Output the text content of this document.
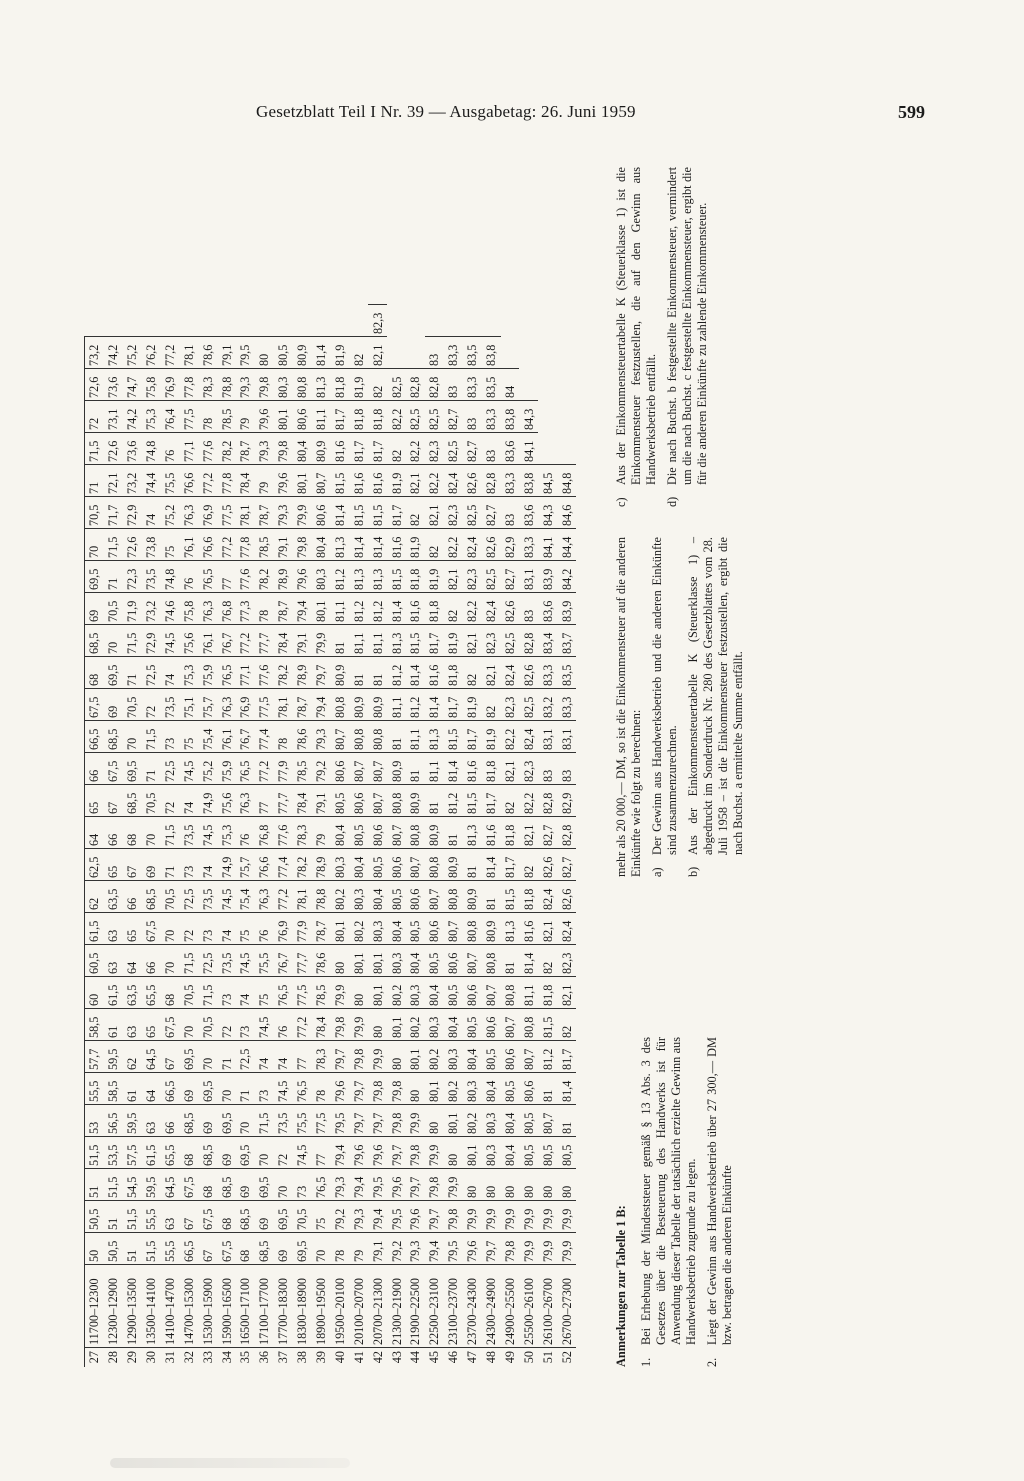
Gesetzblatt Teil I Nr. 39 — Ausgabetag: 26. Juni 1959	599
27	11700–12300	50	50,5	51	51,5	53	55,5	57,7	58,5	60	60,5	61,5	62	62,5	64	65	66	66,5	67,5	68	68,5	69	69,5	70	70,5	71	71,5	72	72,6	73,2	
28	12300–12900	50,5	51	51,5	53,5	56,5	58,5	59,5	61	61,5	63	63	63,5	65	66	67	67,5	68,5	69	69,5	70	70,5	71	71,5	71,7	72,1	72,6	73,1	73,6	74,2	
29	12900–13500	51	51,5	54,5	57,5	59,5	61	62	63	63,5	64	65	66	67	68	68,5	69,5	70	70,5	71	71,5	71,9	72,3	72,6	72,9	73,2	73,6	74,2	74,7	75,2	
30	13500–14100	51,5	55,5	59,5	61,5	63	64	64,5	65	65,5	66	67,5	68,5	69	70	70,5	71	71,5	72	72,5	72,9	73,2	73,5	73,8	74	74,4	74,8	75,3	75,8	76,2	
31	14100–14700	55,5	63	64,5	65,5	66	66,5	67	67,5	68	70	70	70,5	71	71,5	72	72,5	73	73,5	74	74,5	74,6	74,8	75	75,2	75,5	76	76,4	76,9	77,2	
32	14700–15300	66,5	67	67,5	68	68,5	69	69,5	70	70,5	71,5	72	72,5	73	73,5	74	74,5	75	75,1	75,3	75,6	75,8	76	76,1	76,3	76,6	77,1	77,5	77,8	78,1	
33	15300–15900	67	67,5	68	68,5	69	69,5	70	70,5	71,5	72,5	73	73,5	74	74,5	74,9	75,2	75,4	75,7	75,9	76,1	76,3	76,5	76,6	76,9	77,2	77,6	78	78,3	78,6	
34	15900–16500	67,5	68	68,5	69	69,5	70	71	72	73	73,5	74	74,5	74,9	75,3	75,6	75,9	76,1	76,3	76,5	76,7	76,8	77	77,2	77,5	77,8	78,2	78,5	78,8	79,1	
35	16500–17100	68	68,5	69	69,5	70	71	72,5	73	74	74,5	75	75,4	75,7	76	76,3	76,5	76,7	76,9	77,1	77,2	77,3	77,6	77,8	78,1	78,4	78,7	79	79,3	79,5	
36	17100–17700	68,5	69	69,5	70	71,5	73	74	74,5	75	75,5	76	76,3	76,6	76,8	77	77,2	77,4	77,5	77,6	77,7	78	78,2	78,5	78,7	79	79,3	79,6	79,8	80	
37	17700–18300	69	69,5	70	72	73,5	74,5	74	76	76,5	76,7	76,9	77,2	77,4	77,6	77,7	77,9	78	78,1	78,2	78,4	78,7	78,9	79,1	79,3	79,6	79,8	80,1	80,3	80,5	
38	18300–18900	69,5	70,5	73	74,5	75,5	76,5	77	77,2	77,5	77,7	77,9	78,1	78,2	78,3	78,4	78,5	78,6	78,7	78,9	79,1	79,4	79,6	79,8	79,9	80,1	80,4	80,6	80,8	80,9	
39	18900–19500	70	75	76,5	77	77,5	78	78,3	78,4	78,5	78,6	78,7	78,8	78,9	79	79,1	79,2	79,3	79,4	79,7	79,9	80,1	80,3	80,4	80,6	80,7	80,9	81,1	81,3	81,4	
40	19500–20100	78	79,2	79,3	79,4	79,5	79,6	79,7	79,8	79,9	80	80,1	80,2	80,3	80,4	80,5	80,6	80,7	80,8	80,9	81	81,1	81,2	81,3	81,4	81,5	81,6	81,7	81,8	81,9	
41	20100–20700	79	79,3	79,4	79,6	79,7	79,7	79,8	79,9	80	80,1	80,2	80,3	80,4	80,5	80,6	80,7	80,8	80,9	81	81,1	81,2	81,3	81,4	81,5	81,6	81,7	81,8	81,9	82	
42	20700–21300	79,1	79,4	79,5	79,6	79,7	79,8	79,9	80	80,1	80,1	80,3	80,4	80,5	80,6	80,7	80,7	80,8	80,9	81	81,1	81,2	81,3	81,4	81,5	81,6	81,7	81,8	82	82,1	82,3
43	21300–21900	79,2	79,5	79,6	79,7	79,8	79,8	80	80,1	80,2	80,3	80,4	80,5	80,6	80,7	80,8	80,9	81	81,1	81,2	81,3	81,4	81,5	81,6	81,7	81,9	82	82,2	82,5		
44	21900–22500	79,3	79,6	79,7	79,8	79,9	80	80,1	80,2	80,3	80,4	80,5	80,6	80,7	80,8	80,9	81	81,1	81,2	81,4	81,5	81,6	81,8	81,9	82	82,1	82,2	82,5	82,8		
45	22500–23100	79,4	79,7	79,8	79,9	80	80,1	80,2	80,3	80,4	80,5	80,6	80,7	80,8	80,9	81	81,1	81,3	81,4	81,6	81,7	81,8	81,9	82	82,1	82,2	82,3	82,5	82,8	83	
46	23100–23700	79,5	79,8	79,9	80	80,1	80,2	80,3	80,4	80,5	80,6	80,7	80,8	80,9	81	81,2	81,4	81,5	81,7	81,8	81,9	82	82,1	82,2	82,3	82,4	82,5	82,7	83	83,3	
47	23700–24300	79,6	79,9	80	80,1	80,2	80,3	80,4	80,5	80,6	80,7	80,8	80,9	81	81,3	81,5	81,6	81,7	81,9	82	82,1	82,2	82,3	82,4	82,5	82,6	82,7	83	83,3	83,5	
48	24300–24900	79,7	79,9	80	80,3	80,3	80,4	80,5	80,6	80,7	80,8	80,9	81	81,4	81,6	81,7	81,8	81,9	82	82,1	82,3	82,4	82,5	82,6	82,7	82,8	83	83,3	83,5	83,8	
49	24900–25500	79,8	79,9	80	80,4	80,4	80,5	80,6	80,7	80,8	81	81,3	81,5	81,7	81,8	82	82,1	82,2	82,3	82,4	82,5	82,6	82,7	82,9	83	83,3	83,6	83,8	84		
50	25500–26100	79,9	79,9	80	80,5	80,5	80,6	80,7	80,8	81,1	81,4	81,6	81,8	82	82,1	82,2	82,3	82,4	82,5	82,6	82,8	83	83,1	83,3	83,6	83,8	84,1	84,3			
51	26100–26700	79,9	79,9	80	80,5	80,7	81	81,2	81,5	81,8	82	82,1	82,4	82,6	82,7	82,8	83	83,1	83,2	83,3	83,4	83,6	83,9	84,1	84,3	84,5					
52	26700–27300	79,9	79,9	80	80,5	81	81,4	81,7	82	82,1	82,3	82,4	82,6	82,7	82,8	82,9	83	83,1	83,3	83,5	83,7	83,9	84,2	84,4	84,6	84,8					
Anmerkungen zur Tabelle 1 B: 1.
Bei Erhebung der Mindeststeuer gemäß § 13 Abs. 3 des Gesetzes über die Besteuerung des Handwerks ist für Anwendung dieser Tabelle der tatsächlich erzielte Gewinn aus Handwerksbetrieb zugrunde zu legen.
2.
Liegt der Gewinn aus Handwerksbetrieb über 27 300,— DM bzw. betragen die anderen Einkünfte
mehr als 20 000,— DM, so ist die Einkommensteuer auf die anderen Einkünfte wie folgt zu berechnen: a)
Der Gewinn aus Handwerksbetrieb und die anderen Einkünfte sind zusammenzurechnen.
b)
Aus der Einkommensteuertabelle K (Steuerklasse 1) – abgedruckt im Sonderdruck Nr. 280 des Gesetzblattes vom 28. Juli 1958 – ist die Einkommensteuer festzustellen, ergibt die nach Buchst. a ermittelte Summe entfällt.
c)
Aus der Einkommensteuertabelle K (Steuerklasse 1) ist die Einkommensteuer festzustellen, die auf den Gewinn aus Handwerksbetrieb entfällt.
d)
Die nach Buchst. b festgestellte Einkommensteuer, vermindert um die nach Buchst. c festgestellte Einkommensteuer, ergibt die für die anderen Einkünfte zu zahlende Einkommensteuer.
